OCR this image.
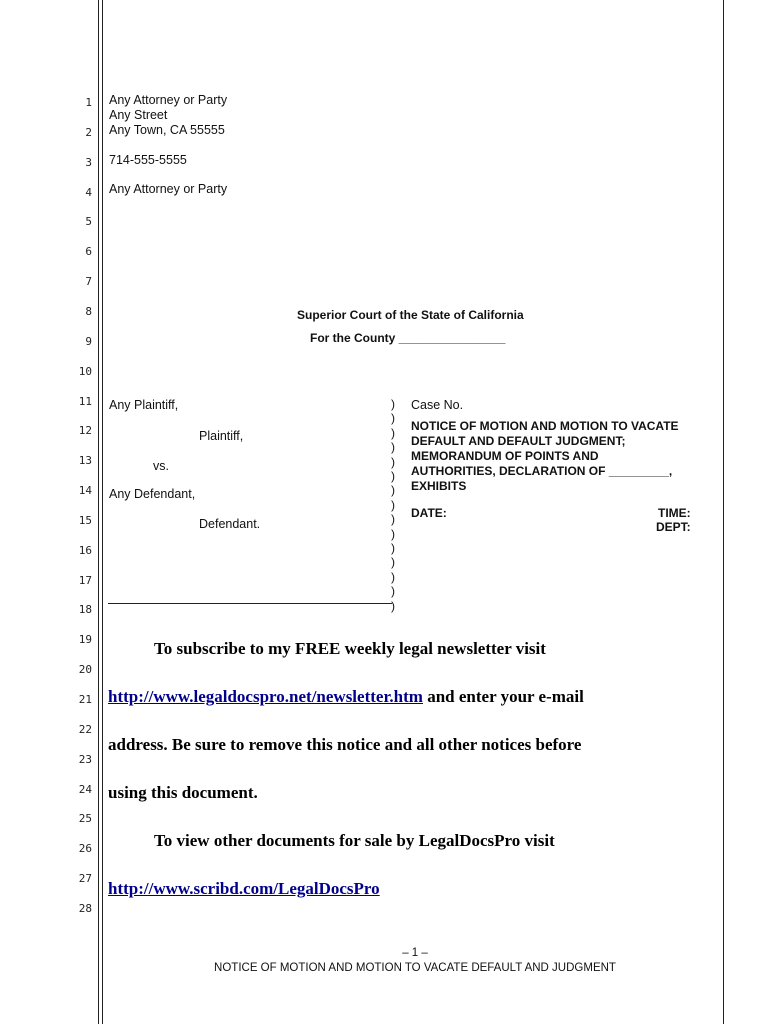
1
2
3
4
5
6
7
8
9
10
11
12
13
14
15
16
17
18
19
20
21
22
23
24
25
26
27
28
Any Attorney or Party
Any Street
Any Town, CA 55555
714-555-5555
Any Attorney or Party
Superior Court of the State of California
For the County ________________
Any Plaintiff,
Plaintiff,
vs.
Any Defendant,
Defendant.
)
)
)
)
)
)
)
)
)
)
)
)
)
)
)
Case No.
NOTICE OF MOTION AND MOTION TO VACATE
DEFAULT AND DEFAULT JUDGMENT;
MEMORANDUM OF POINTS AND
AUTHORITIES, DECLARATION OF _________,
EXHIBITS
DATE:	TIME:
DEPT:
To subscribe to my FREE weekly legal newsletter visit
http://www.legaldocspro.net/newsletter.htm and enter your e-mail
address. Be sure to remove this notice and all other notices before
using this document.
To view other documents for sale by LegalDocsPro visit
http://www.scribd.com/LegalDocsPro
– 1 –
NOTICE OF MOTION AND MOTION TO VACATE DEFAULT AND JUDGMENT
